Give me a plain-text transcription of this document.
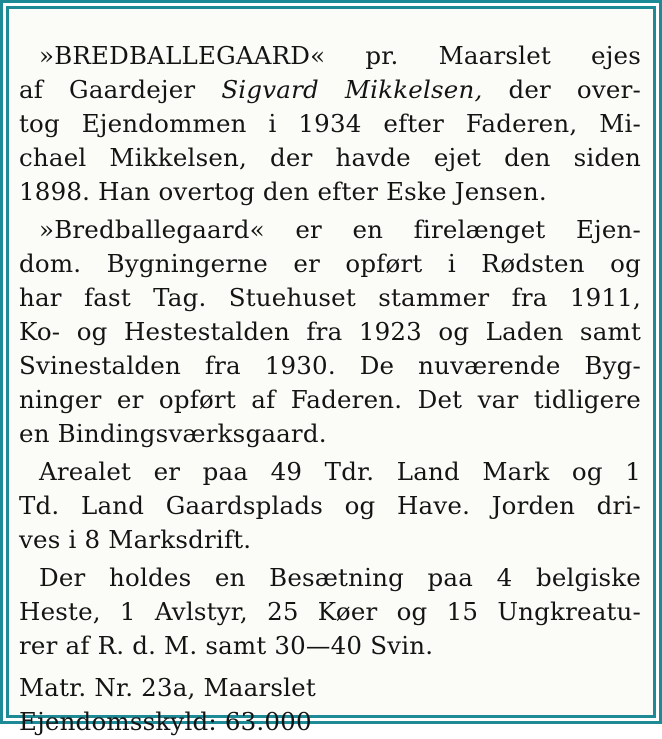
»BREDBALLEGAARD« pr. Maarslet ejes
af Gaardejer Sigvard Mikkelsen, der over-
tog Ejendommen i 1934 efter Faderen, Mi-
chael Mikkelsen, der havde ejet den siden
1898. Han overtog den efter Eske Jensen.
»Bredballegaard« er en firelænget Ejen-
dom. Bygningerne er opført i Rødsten og
har fast Tag. Stuehuset stammer fra 1911,
Ko- og Hestestalden fra 1923 og Laden samt
Svinestalden fra 1930. De nuværende Byg-
ninger er opført af Faderen. Det var tidligere
en Bindingsværksgaard.
Arealet er paa 49 Tdr. Land Mark og 1
Td. Land Gaardsplads og Have. Jorden dri-
ves i 8 Marksdrift.
Der holdes en Besætning paa 4 belgiske
Heste, 1 Avlstyr, 25 Køer og 15 Ungkreatu-
rer af R. d. M. samt 30—40 Svin.
Matr. Nr. 23a, Maarslet
Ejendomsskyld: 63.000
